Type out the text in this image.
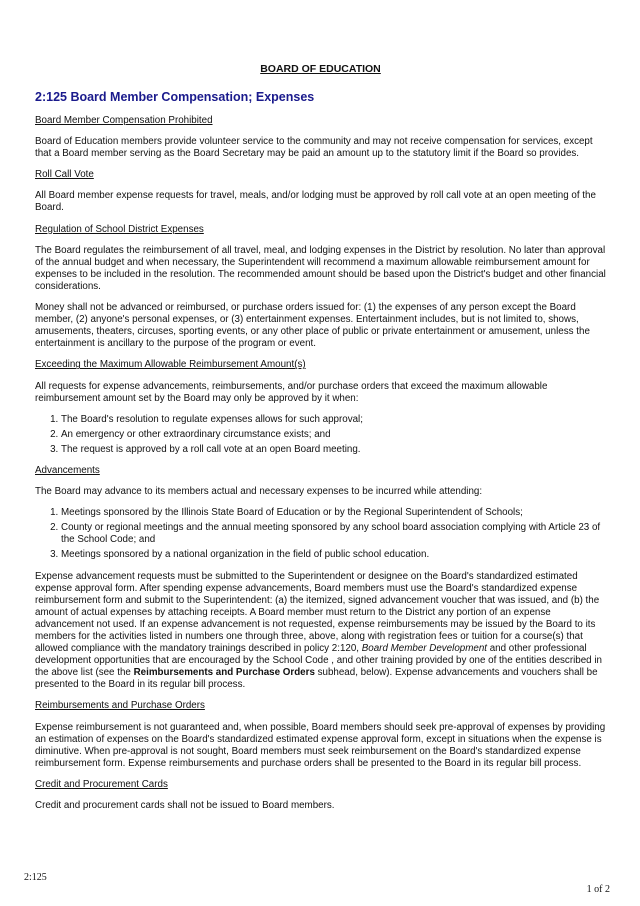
BOARD OF EDUCATION
2:125 Board Member Compensation; Expenses

Board Member Compensation Prohibited

Board of Education members provide volunteer service to the community and may not receive compensation for services, except that a Board member serving as the Board Secretary may be paid an amount up to the statutory limit if the Board so provides.

Roll Call Vote

All Board member expense requests for travel, meals, and/or lodging must be approved by roll call vote at an open meeting of the Board.

Regulation of School District Expenses

The Board regulates the reimbursement of all travel, meal, and lodging expenses in the District by resolution. No later than approval of the annual budget and when necessary, the Superintendent will recommend a maximum allowable reimbursement amount for expenses to be included in the resolution. The recommended amount should be based upon the District's budget and other financial considerations.

Money shall not be advanced or reimbursed, or purchase orders issued for: (1) the expenses of any person except the Board member, (2) anyone's personal expenses, or (3) entertainment expenses. Entertainment includes, but is not limited to, shows, amusements, theaters, circuses, sporting events, or any other place of public or private entertainment or amusement, unless the entertainment is ancillary to the purpose of the program or event.

Exceeding the Maximum Allowable Reimbursement Amount(s)

All requests for expense advancements, reimbursements, and/or purchase orders that exceed the maximum allowable reimbursement amount set by the Board may only be approved by it when:

1. The Board's resolution to regulate expenses allows for such approval;
2. An emergency or other extraordinary circumstance exists; and
3. The request is approved by a roll call vote at an open Board meeting.

Advancements

The Board may advance to its members actual and necessary expenses to be incurred while attending:

1. Meetings sponsored by the Illinois State Board of Education or by the Regional Superintendent of Schools;
2. County or regional meetings and the annual meeting sponsored by any school board association complying with Article 23 of the School Code; and
3. Meetings sponsored by a national organization in the field of public school education.

Expense advancement requests must be submitted to the Superintendent or designee on the Board's standardized estimated expense approval form. After spending expense advancements, Board members must use the Board's standardized expense reimbursement form and submit to the Superintendent: (a) the itemized, signed advancement voucher that was issued, and (b) the amount of actual expenses by attaching receipts. A Board member must return to the District any portion of an expense advancement not used. If an expense advancement is not requested, expense reimbursements may be issued by the Board to its members for the activities listed in numbers one through three, above, along with registration fees or tuition for a course(s) that allowed compliance with the mandatory trainings described in policy 2:120, Board Member Development and other professional development opportunities that are encouraged by the School Code , and other training provided by one of the entities described in the above list (see the Reimbursements and Purchase Orders subhead, below). Expense advancements and vouchers shall be presented to the Board in its regular bill process.

Reimbursements and Purchase Orders

Expense reimbursement is not guaranteed and, when possible, Board members should seek pre-approval of expenses by providing an estimation of expenses on the Board's standardized estimated expense approval form, except in situations when the expense is diminutive. When pre-approval is not sought, Board members must seek reimbursement on the Board's standardized expense reimbursement form. Expense reimbursements and purchase orders shall be presented to the Board in its regular bill process.

Credit and Procurement Cards

Credit and procurement cards shall not be issued to Board members.

2:125
1 of 2
